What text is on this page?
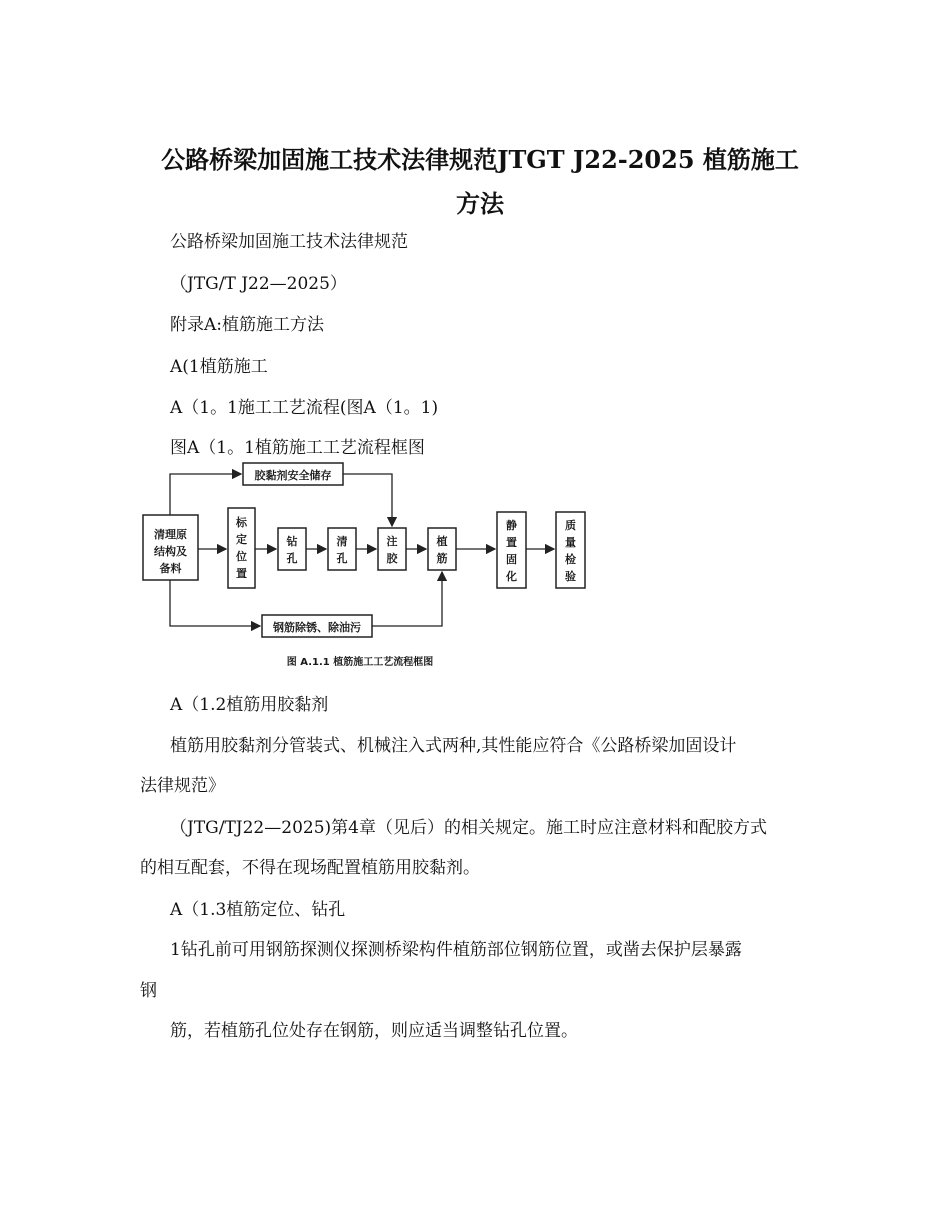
公路桥梁加固施工技术法律规范JTGT J22-2025 植筋施工
方法

公路桥梁加固施工技术法律规范

（JTG/T J22—2025）

附录A:植筋施工方法

A(1植筋施工

A（1。1施工工艺流程(图A（1。1)

图A（1。1植筋施工工艺流程框图

胶黏剂安全储存
清理原
结构及
备料
标
定
位
置
钻
孔
清
孔
注
胶
植
筋
静
置
固
化
质
量
检
验
钢筋除锈、除油污
图 A.1.1 植筋施工工艺流程框图

A（1.2植筋用胶黏剂

植筋用胶黏剂分管装式、机械注入式两种,其性能应符合《公路桥梁加固设计

法律规范》

（JTG/TJ22—2025)第4章（见后）的相关规定。施工时应注意材料和配胶方式

的相互配套，不得在现场配置植筋用胶黏剂。

A（1.3植筋定位、钻孔

1钻孔前可用钢筋探测仪探测桥梁构件植筋部位钢筋位置，或凿去保护层暴露

钢

筋，若植筋孔位处存在钢筋，则应适当调整钻孔位置。
